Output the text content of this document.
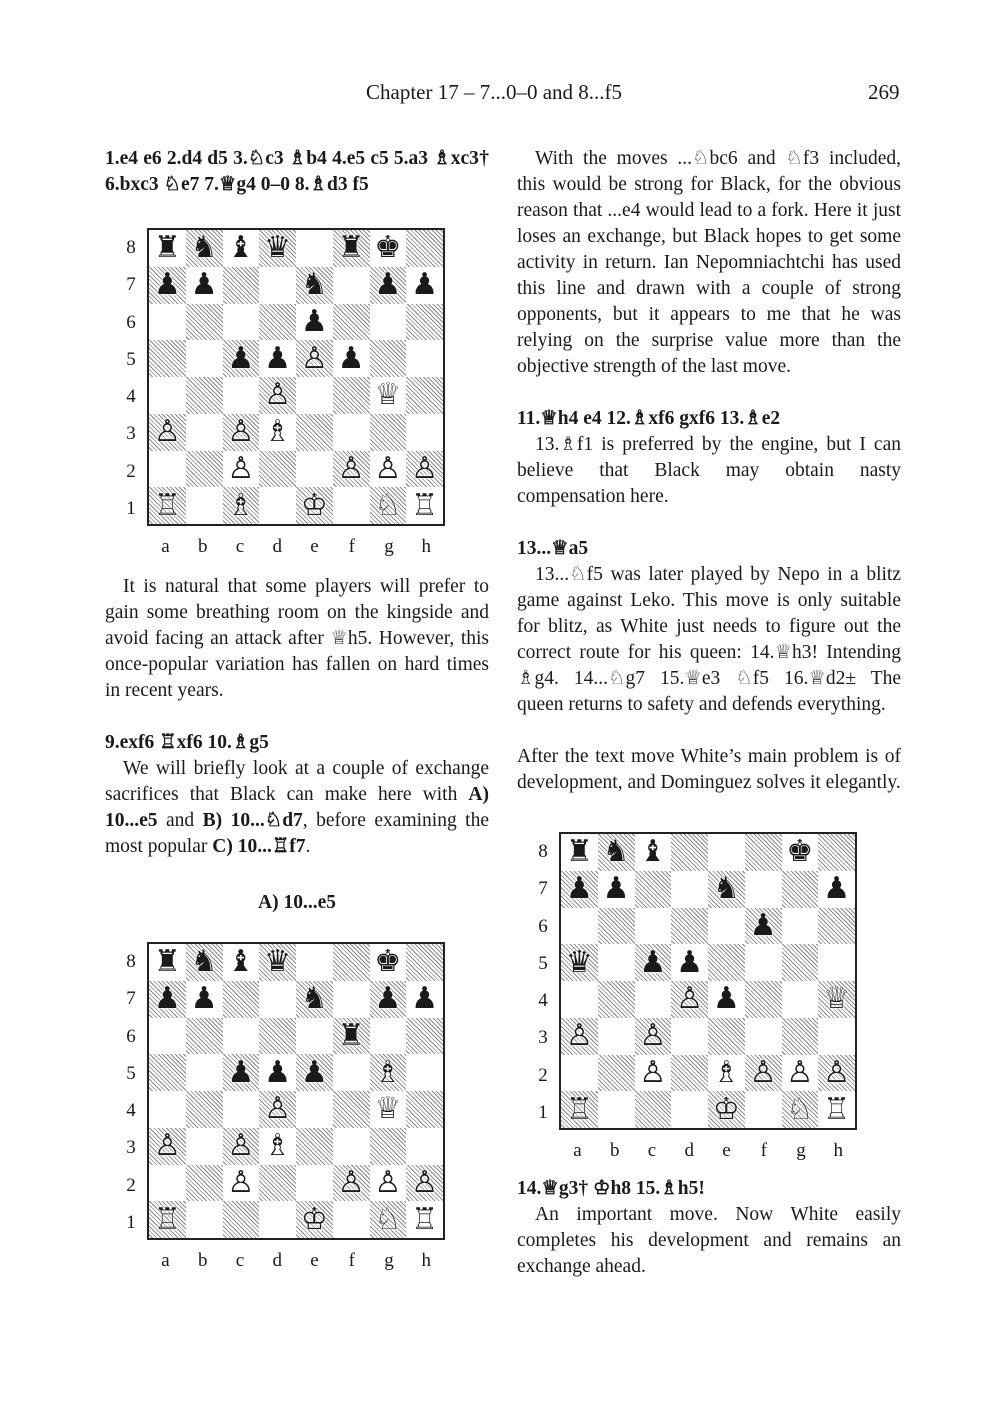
Chapter 17 – 7...0–0 and 8...f5	269

1.e4 e6 2.d4 d5 3.♘c3 ♗b4 4.e5 c5 5.a3 ♗xc3† 6.bxc3 ♘e7 7.♕g4 0–0 8.♗d3 f5

8
7
6
5
4
3
2
1
♜ ♞ ♝ ♛ ♜ ♚
♟ ♟	♞ ♟ ♟
♟
♟ ♟ ♙ ♟
♙	♕
♙ ♙ ♗
♙	♙ ♙ ♙
♖ ♗ ♔ ♘ ♖
a	b	c	d	e	f	g	h

It is natural that some players will prefer to gain some breathing room on the kingside and avoid facing an attack after ♕h5. However, this once-popular variation has fallen on hard times in recent years.

9.exf6 ♖xf6 10.♗g5

We will briefly look at a couple of exchange sacrifices that Black can make here with A) 10...e5 and B) 10...♘d7, before examining the most popular C) 10...♖f7.

A) 10...e5

8
7
6
5
4
3
2
1
♜ ♞ ♝ ♛	♚
♟ ♟	♞ ♟ ♟
♜
♟ ♟ ♟ ♗
♙	♕
♙ ♙ ♗
♙	♙ ♙ ♙
♖	♔ ♘ ♖
a	b	c	d	e	f	g	h

With the moves ...♘bc6 and ♘f3 included, this would be strong for Black, for the obvious reason that ...e4 would lead to a fork. Here it just loses an exchange, but Black hopes to get some activity in return. Ian Nepomniachtchi has used this line and drawn with a couple of strong opponents, but it appears to me that he was relying on the surprise value more than the objective strength of the last move.

11.♕h4 e4 12.♗xf6 gxf6 13.♗e2

13.♗f1 is preferred by the engine, but I can believe that Black may obtain nasty compensation here.

13...♕a5

13...♘f5 was later played by Nepo in a blitz game against Leko. This move is only suitable for blitz, as White just needs to figure out the correct route for his queen: 14.♕h3! Intending ♗g4. 14...♘g7 15.♕e3 ♘f5 16.♕d2± The queen returns to safety and defends everything.

After the text move White’s main problem is of development, and Dominguez solves it elegantly.

8
7
6
5
4
3
2
1
♜ ♞ ♝	♚
♟ ♟	♞	♟
♟
♛ ♟ ♟
♙ ♟	♕
♙ ♙
♙ ♗ ♙ ♙ ♙
♖	♔ ♘ ♖
a	b	c	d	e	f	g	h

14.♕g3† ♔h8 15.♗h5!

An important move. Now White easily completes his development and remains an exchange ahead.
